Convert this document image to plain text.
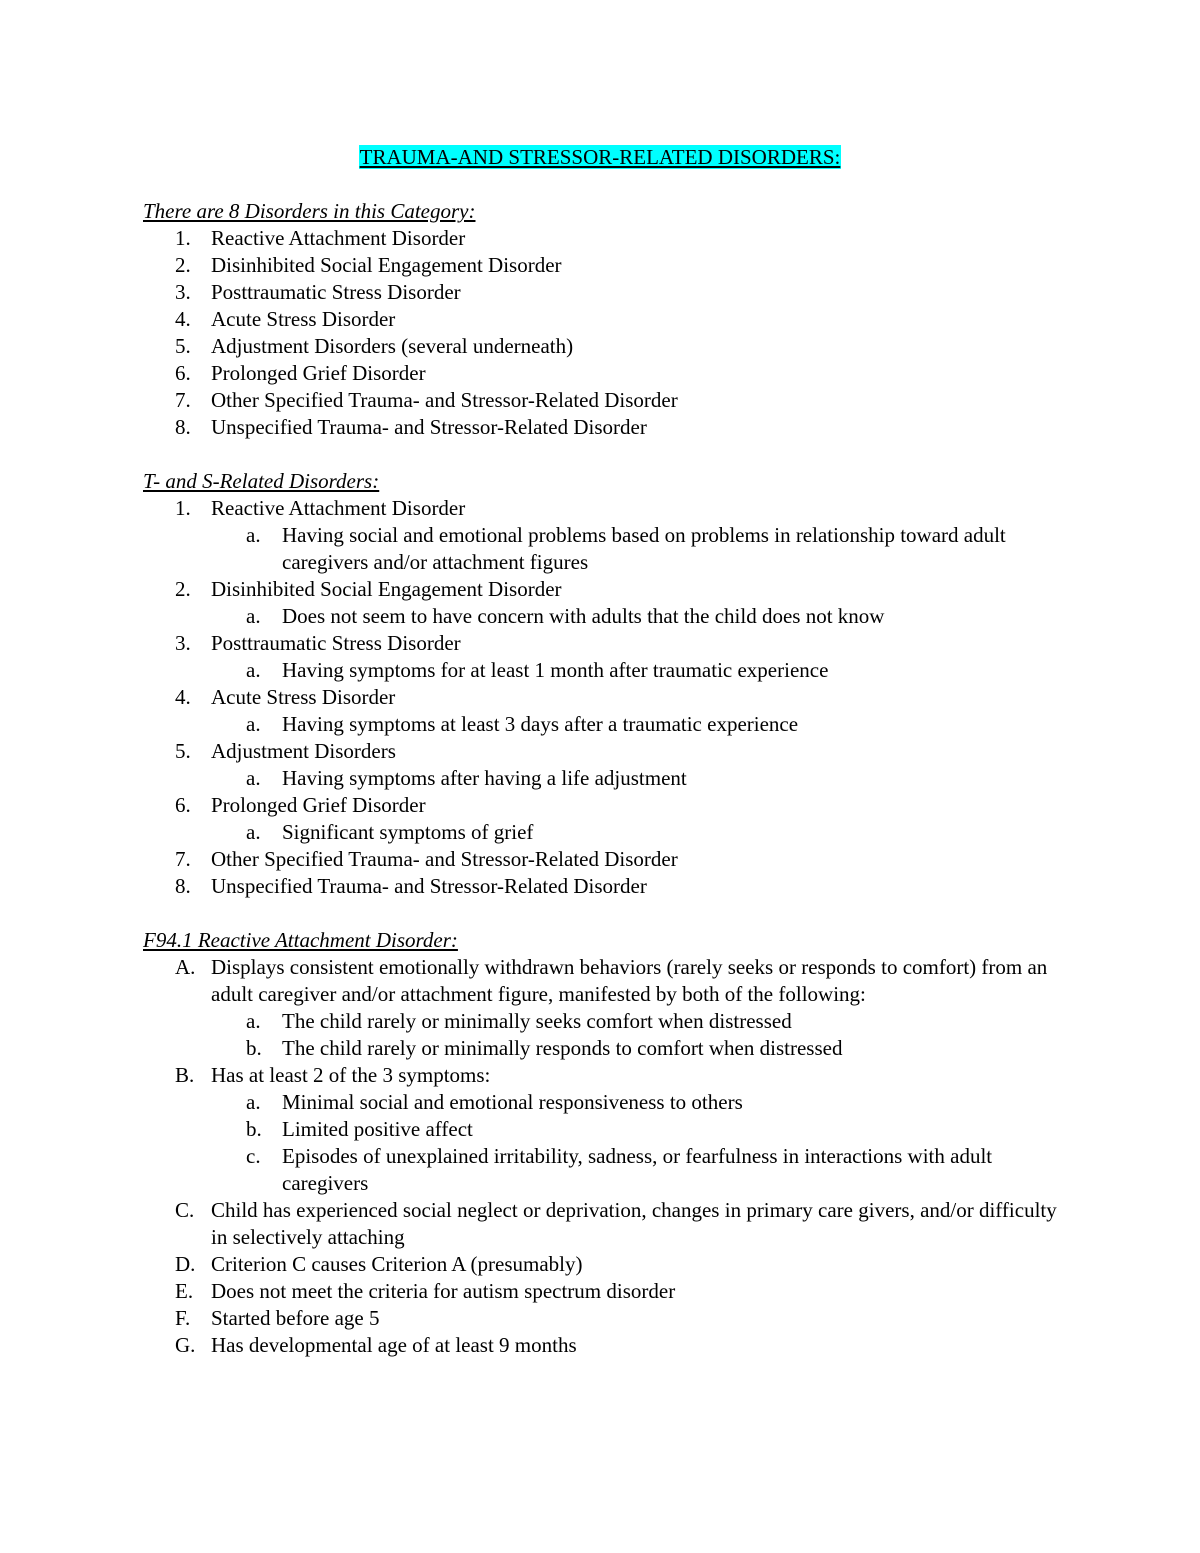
TRAUMA-AND STRESSOR-RELATED DISORDERS:
There are 8 Disorders in this Category:
1. Reactive Attachment Disorder
2. Disinhibited Social Engagement Disorder
3. Posttraumatic Stress Disorder
4. Acute Stress Disorder
5. Adjustment Disorders (several underneath)
6. Prolonged Grief Disorder
7. Other Specified Trauma- and Stressor-Related Disorder
8. Unspecified Trauma- and Stressor-Related Disorder
T- and S-Related Disorders:
1. Reactive Attachment Disorder
a. Having social and emotional problems based on problems in relationship toward adult caregivers and/or attachment figures
2. Disinhibited Social Engagement Disorder
a. Does not seem to have concern with adults that the child does not know
3. Posttraumatic Stress Disorder
a. Having symptoms for at least 1 month after traumatic experience
4. Acute Stress Disorder
a. Having symptoms at least 3 days after a traumatic experience
5. Adjustment Disorders
a. Having symptoms after having a life adjustment
6. Prolonged Grief Disorder
a. Significant symptoms of grief
7. Other Specified Trauma- and Stressor-Related Disorder
8. Unspecified Trauma- and Stressor-Related Disorder
F94.1 Reactive Attachment Disorder:
A. Displays consistent emotionally withdrawn behaviors (rarely seeks or responds to comfort) from an adult caregiver and/or attachment figure, manifested by both of the following:
a. The child rarely or minimally seeks comfort when distressed
b. The child rarely or minimally responds to comfort when distressed
B. Has at least 2 of the 3 symptoms:
a. Minimal social and emotional responsiveness to others
b. Limited positive affect
c. Episodes of unexplained irritability, sadness, or fearfulness in interactions with adult caregivers
C. Child has experienced social neglect or deprivation, changes in primary care givers, and/or difficulty in selectively attaching
D. Criterion C causes Criterion A (presumably)
E. Does not meet the criteria for autism spectrum disorder
F. Started before age 5
G. Has developmental age of at least 9 months
